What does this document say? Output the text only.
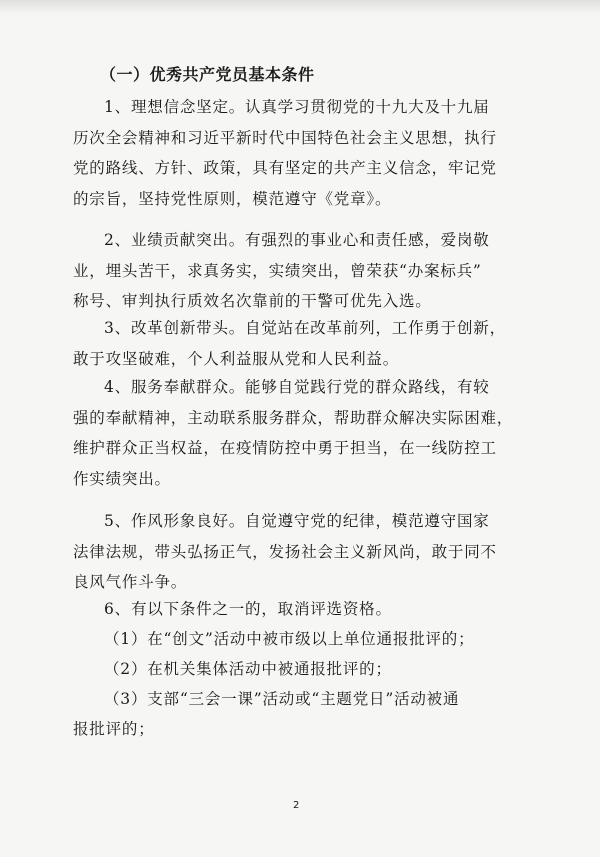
（一）优秀共产党员基本条件
1、理想信念坚定。认真学习贯彻党的十九大及十九届
历次全会精神和习近平新时代中国特色社会主义思想，执行
党的路线、方针、政策，具有坚定的共产主义信念，牢记党
的宗旨，坚持党性原则，模范遵守《党章》。
2、业绩贡献突出。有强烈的事业心和责任感，爱岗敬
业，埋头苦干，求真务实，实绩突出，曾荣获“办案标兵”
称号、审判执行质效名次靠前的干警可优先入选。
3、改革创新带头。自觉站在改革前列，工作勇于创新，
敢于攻坚破难，个人利益服从党和人民利益。
4、服务奉献群众。能够自觉践行党的群众路线，有较
强的奉献精神，主动联系服务群众，帮助群众解决实际困难，
维护群众正当权益，在疫情防控中勇于担当，在一线防控工
作实绩突出。
5、作风形象良好。自觉遵守党的纪律，模范遵守国家
法律法规，带头弘扬正气，发扬社会主义新风尚，敢于同不
良风气作斗争。
6、有以下条件之一的，取消评选资格。
（1）在“创文”活动中被市级以上单位通报批评的；
（2）在机关集体活动中被通报批评的；
（3）支部“三会一课”活动或“主题党日”活动被通
报批评的；
2
